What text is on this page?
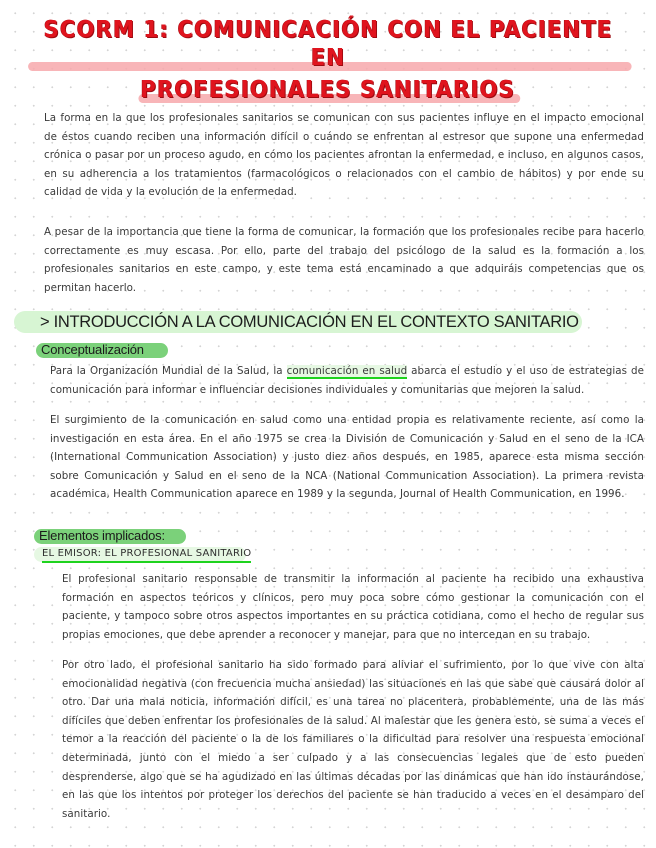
SCORM 1: COMUNICACIÓN CON EL PACIENTE EN
PROFESIONALES SANITARIOS

La forma en la que los profesionales sanitarios se comunican con sus pacientes influye en el impacto emocional de éstos cuando reciben una información difícil o cuándo se enfrentan al estresor que supone una enfermedad crónica o pasar por un proceso agudo, en cómo los pacientes afrontan la enfermedad, e incluso, en algunos casos, en su adherencia a los tratamientos (farmacológicos o relacionados con el cambio de hábitos) y por ende su calidad de vida y la evolución de la enfermedad.

A pesar de la importancia que tiene la forma de comunicar, la formación que los profesionales recibe para hacerlo correctamente es muy escasa. Por ello, parte del trabajo del psicólogo de la salud es la formación a los profesionales sanitarios en este campo, y este tema está encaminado a que adquiráis competencias que os permitan hacerlo.

> INTRODUCCIÓN A LA COMUNICACIÓN EN EL CONTEXTO SANITARIO
Conceptualización

Para la Organización Mundial de la Salud, la comunicación en salud abarca el estudio y el uso de estrategias de comunicación para informar e influenciar decisiones individuales y comunitarias que mejoren la salud.

El surgimiento de la comunicación en salud como una entidad propia es relativamente reciente, así como la investigación en esta área. En el año 1975 se crea la División de Comunicación y Salud en el seno de la ICA (International Communication Association) y justo diez años después, en 1985, aparece esta misma sección sobre Comunicación y Salud en el seno de la NCA (National Communication Association). La primera revista académica, Health Communication aparece en 1989 y la segunda, Journal of Health Communication, en 1996.

Elementos implicados:
EL EMISOR: EL PROFESIONAL SANITARIO

El profesional sanitario responsable de transmitir la información al paciente ha recibido una exhaustiva formación en aspectos teóricos y clínicos, pero muy poca sobre cómo gestionar la comunicación con el paciente, y tampoco sobre otros aspectos importantes en su práctica cotidiana, como el hecho de regular sus propias emociones, que debe aprender a reconocer y manejar, para que no interceдan en su trabajo.

Por otro lado, el profesional sanitario ha sido formado para aliviar el sufrimiento, por lo que vive con alta emocionalidad negativa (con frecuencia mucha ansiedad) las situaciones en las que sabe que causará dolor al otro. Dar una mala noticia, información difícil, es una tarea no placentera, probablemente, una de las más difíciles que deben enfrentar los profesionales de la salud. Al malestar que les genera esto, se suma a veces el temor a la reacción del paciente o la de los familiares o la dificultad para resolver una respuesta emocional determinada, junto con el miedo a ser culpado y a las consecuencias legales que de esto pueden desprenderse, algo que se ha agudizado en las últimas décadas por las dinámicas que han ido instaurándose, en las que los intentos por proteger los derechos del paciente se han traducido a veces en el desamparo del sanitario.
